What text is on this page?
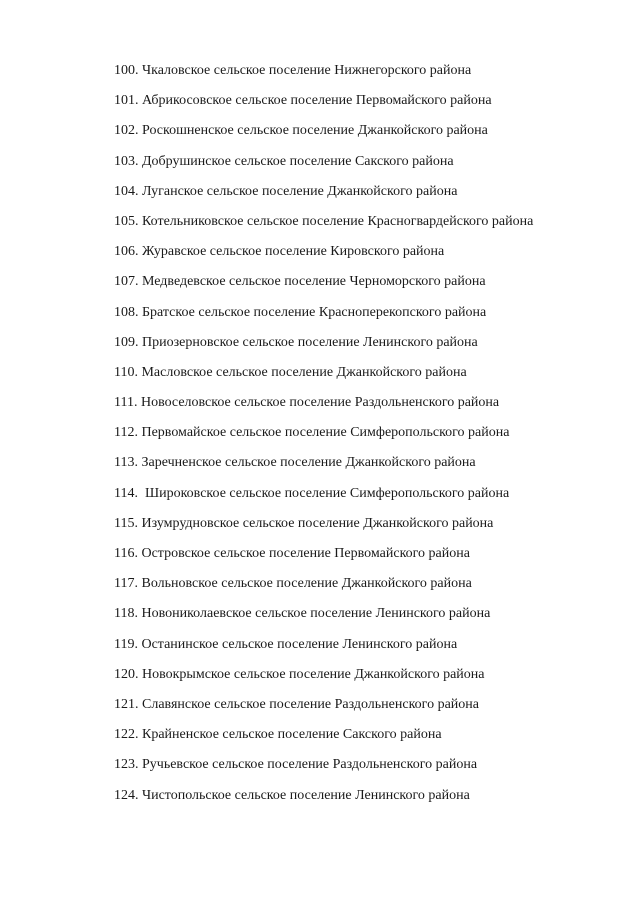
100. Чкаловское сельское поселение Нижнегорского района
101. Абрикосовское сельское поселение Первомайского района
102. Роскошненское сельское поселение Джанкойского района
103. Добрушинское сельское поселение Сакского района
104. Луганское сельское поселение Джанкойского района
105. Котельниковское сельское поселение Красногвардейского района
106. Журавское сельское поселение Кировского района
107. Медведевское сельское поселение Черноморского района
108. Братское сельское поселение Красноперекопского района
109. Приозерновское сельское поселение Ленинского района
110. Масловское сельское поселение Джанкойского района
111. Новоселовское сельское поселение Раздольненского района
112. Первомайское сельское поселение Симферопольского района
113. Заречненское сельское поселение Джанкойского района
114.  Широковское сельское поселение Симферопольского района
115. Изумрудновское сельское поселение Джанкойского района
116. Островское сельское поселение Первомайского района
117. Вольновское сельское поселение Джанкойского района
118. Новониколаевское сельское поселение Ленинского района
119. Останинское сельское поселение Ленинского района
120. Новокрымское сельское поселение Джанкойского района
121. Славянское сельское поселение Раздольненского района
122. Крайненское сельское поселение Сакского района
123. Ручьевское сельское поселение Раздольненского района
124. Чистопольское сельское поселение Ленинского района
